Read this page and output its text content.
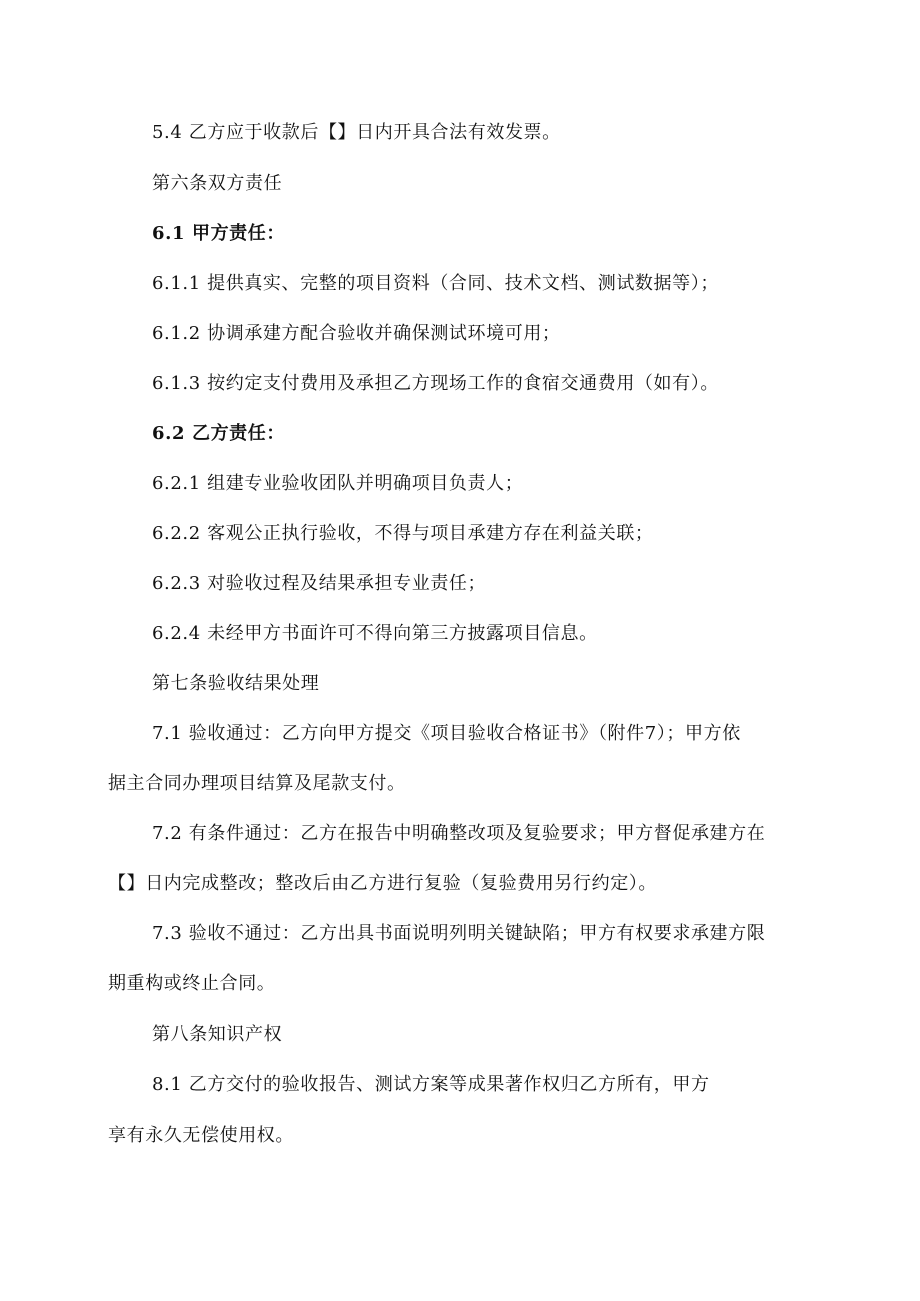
5.4 乙方应于收款后【】日内开具合法有效发票。
第六条双方责任
6.1 甲方责任：
6.1.1 提供真实、完整的项目资料（合同、技术文档、测试数据等）；
6.1.2 协调承建方配合验收并确保测试环境可用；
6.1.3 按约定支付费用及承担乙方现场工作的食宿交通费用（如有）。
6.2 乙方责任：
6.2.1 组建专业验收团队并明确项目负责人；
6.2.2 客观公正执行验收，不得与项目承建方存在利益关联；
6.2.3 对验收过程及结果承担专业责任；
6.2.4 未经甲方书面许可不得向第三方披露项目信息。
第七条验收结果处理
7.1 验收通过：乙方向甲方提交《项目验收合格证书》（附件7）；甲方依
据主合同办理项目结算及尾款支付。
7.2 有条件通过：乙方在报告中明确整改项及复验要求；甲方督促承建方在
【】日内完成整改；整改后由乙方进行复验（复验费用另行约定）。
7.3 验收不通过：乙方出具书面说明列明关键缺陷；甲方有权要求承建方限
期重构或终止合同。
第八条知识产权
8.1 乙方交付的验收报告、测试方案等成果著作权归乙方所有，甲方
享有永久无偿使用权。
